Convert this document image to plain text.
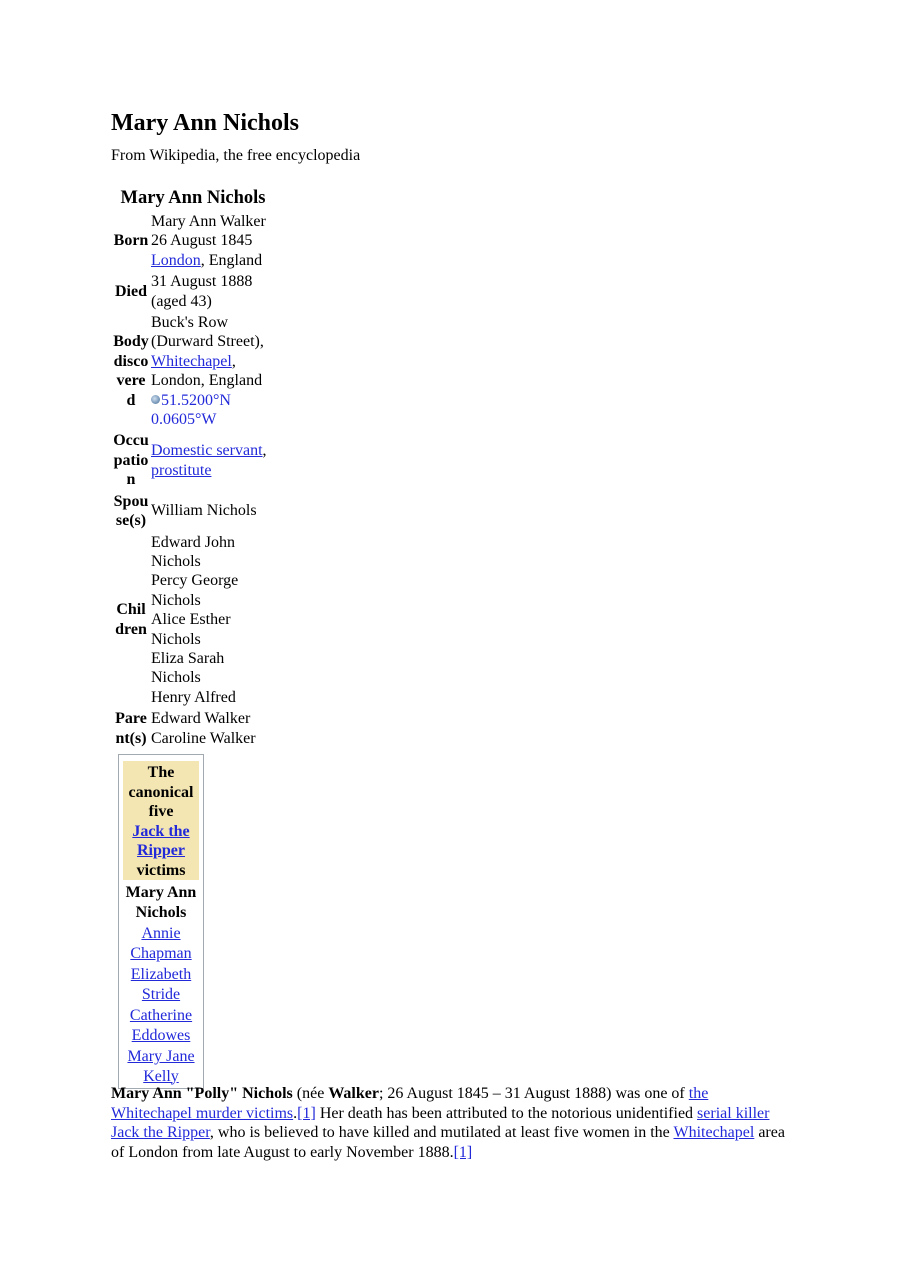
Mary Ann Nichols

From Wikipedia, the free encyclopedia

Mary Ann Nichols
Born	Mary Ann Walker
26 August 1845
London, England
Died	31 August 1888
(aged 43)
Body discovered	Buck's Row (Durward Street),
Whitechapel,
London, England
51.5200°N 0.0605°W
Occupation	Domestic servant,
prostitute
Spouse(s)	William Nichols
Children	Edward John Nichols
Percy George Nichols
Alice Esther Nichols
Eliza Sarah Nichols
Henry Alfred

Parent(s)	Edward Walker
Caroline Walker
The canonical five
Jack the Ripper
victims
Mary Ann Nichols
Annie Chapman
Elizabeth Stride
Catherine Eddowes
Mary Jane Kelly

Mary Ann "Polly" Nichols (née Walker; 26 August 1845 – 31 August 1888) was one of the Whitechapel murder victims.[1] Her death has been attributed to the notorious unidentified serial killer Jack the Ripper, who is believed to have killed and mutilated at least five women in the Whitechapel area of London from late August to early November 1888.[1]
